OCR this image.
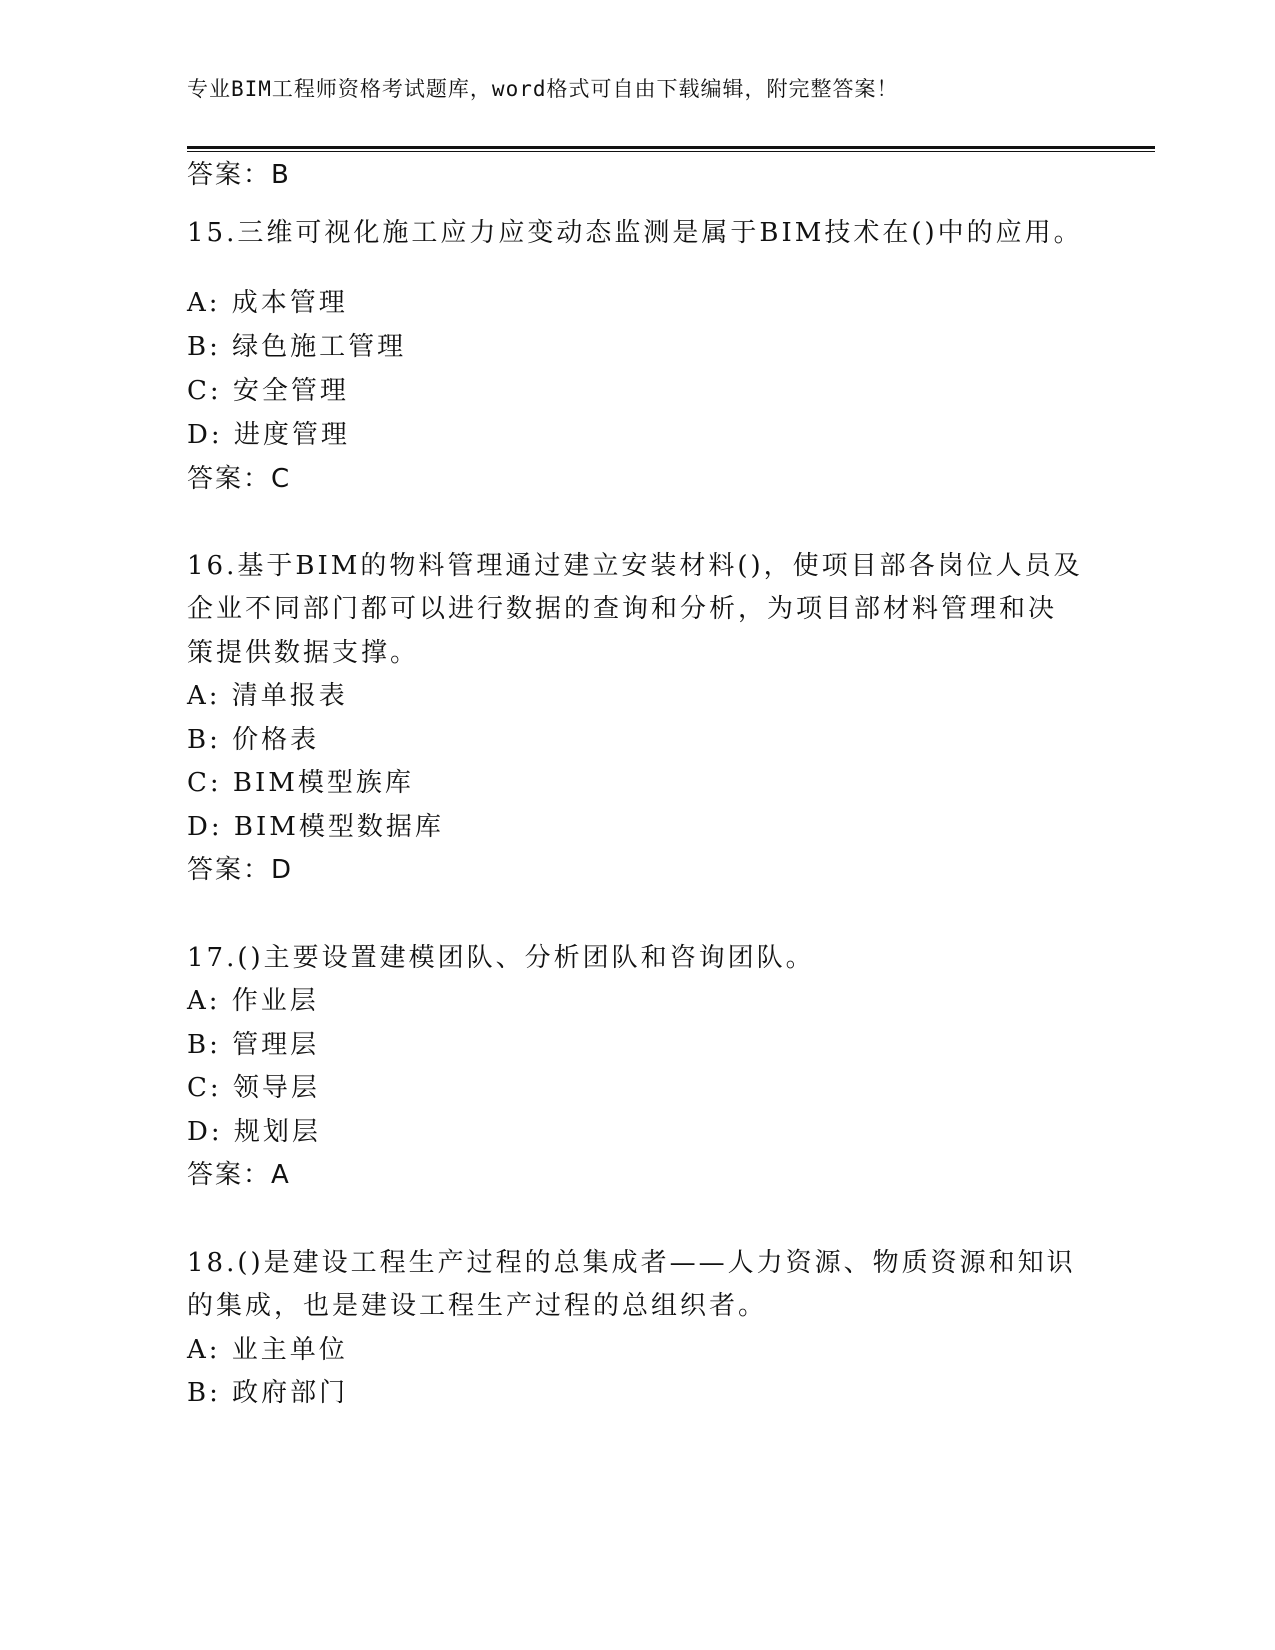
专业BIM工程师资格考试题库，word格式可自由下载编辑，附完整答案！
答案：B
15.三维可视化施工应力应变动态监测是属于BIM技术在()中的应用。
A: 成本管理
B: 绿色施工管理
C: 安全管理
D: 进度管理
答案：C
16.基于BIM的物料管理通过建立安装材料()，使项目部各岗位人员及
企业不同部门都可以进行数据的查询和分析，为项目部材料管理和决
策提供数据支撑。
A: 清单报表
B: 价格表
C: BIM模型族库
D: BIM模型数据库
答案：D
17.()主要设置建模团队、分析团队和咨询团队。
A: 作业层
B: 管理层
C: 领导层
D: 规划层
答案：A
18.()是建设工程生产过程的总集成者——人力资源、物质资源和知识
的集成，也是建设工程生产过程的总组织者。
A: 业主单位
B: 政府部门
